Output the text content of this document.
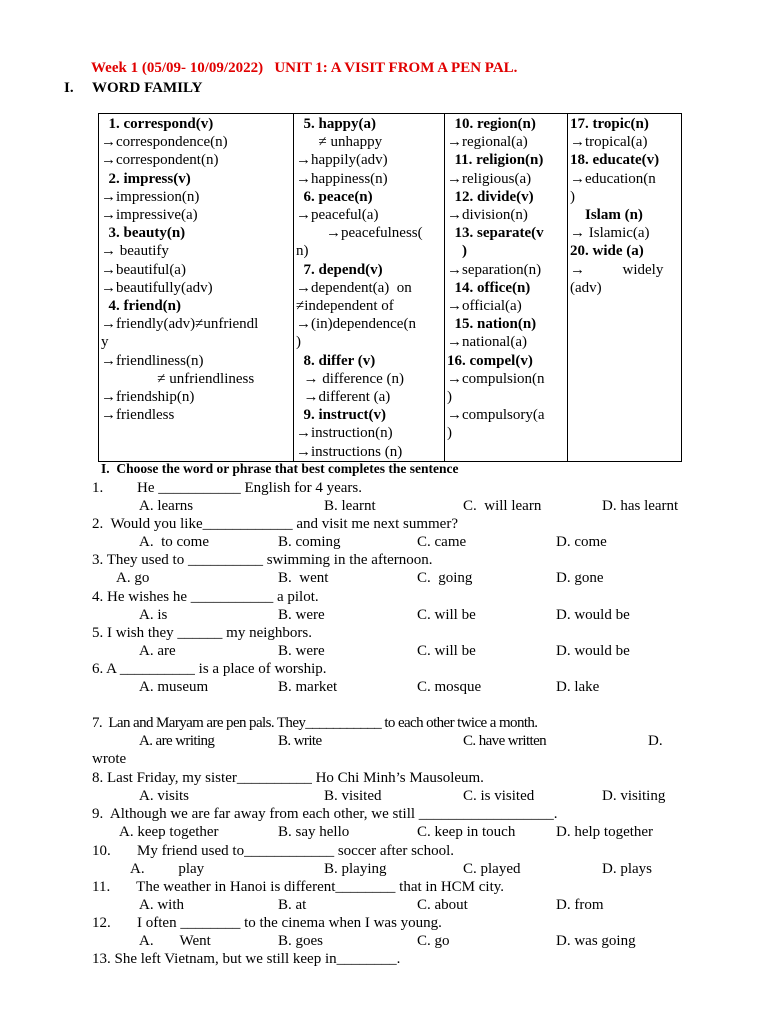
Week 1 (05/09- 10/09/2022)   UNIT 1: A VISIT FROM A PEN PAL.
I. WORD FAMILY
1. correspond(v)
→correspondence(n)
→correspondent(n)
2. impress(v)
→impression(n)
→impressive(a)
3. beauty(n)
→ beautify
→beautiful(a)
→beautifully(adv)
4. friend(n)
→friendly(adv)≠unfriendl
y
→friendliness(n)
≠ unfriendliness
→friendship(n)
→friendless

5. happy(a)
≠ unhappy
→happily(adv)
→happiness(n)
6. peace(n)
→peaceful(a)
→peacefulness(
n)
7. depend(v)
→dependent(a)  on
≠independent of
→(in)dependence(n
)
8. differ (v)
→ difference (n)
→different (a)
9. instruct(v)
→instruction(n)
→instructions (n)

10. region(n)
→regional(a)
11. religion(n)
→religious(a)
12. divide(v)
→division(n)
13. separate(v
)
→separation(n)
14. office(n)
→official(a)
15. nation(n)
→national(a)
16. compel(v)
→compulsion(n
)
→compulsory(a
)

17. tropic(n)
→tropical(a)
18. educate(v)
→education(n
)
Islam (n)
→ Islamic(a)
20. wide (a)
→          widely
(adv)
I.  Choose the word or phrase that best completes the sentence
1.         He ___________ English for 4 years.
A. learns	B. learnt	C.  will learn	D. has learnt
2.  Would you like____________ and visit me next summer?
A.  to come	B. coming	C. came	D. come
3. They used to __________ swimming in the afternoon.
A. go	B.  went	C.  going	D. gone
4. He wishes he ___________ a pilot.
A. is	B. were	C. will be	D. would be
5. I wish they ______ my neighbors.
A. are	B. were	C. will be	D. would be
6. A __________ is a place of worship.
A. museum	B. market	C. mosque	D. lake
7.  Lan and Maryam are pen pals. They___________ to each other twice a month.
A. are writing	B. write	C. have written	D.
wrote
8. Last Friday, my sister__________ Ho Chi Minh’s Mausoleum.
A. visits	B. visited	C. is visited	D. visiting
9.  Although we are far away from each other, we still __________________.
A. keep together	B. say hello	C. keep in touch	D. help together
10.       My friend used to____________ soccer after school.
A.         play	B. playing	C. played	D. plays
11.       The weather in Hanoi is different________ that in HCM city.
A. with	B. at	C. about	D. from
12.       I often ________ to the cinema when I was young.
A.       Went	B. goes	C. go	D. was going
13. She left Vietnam, but we still keep in________.
